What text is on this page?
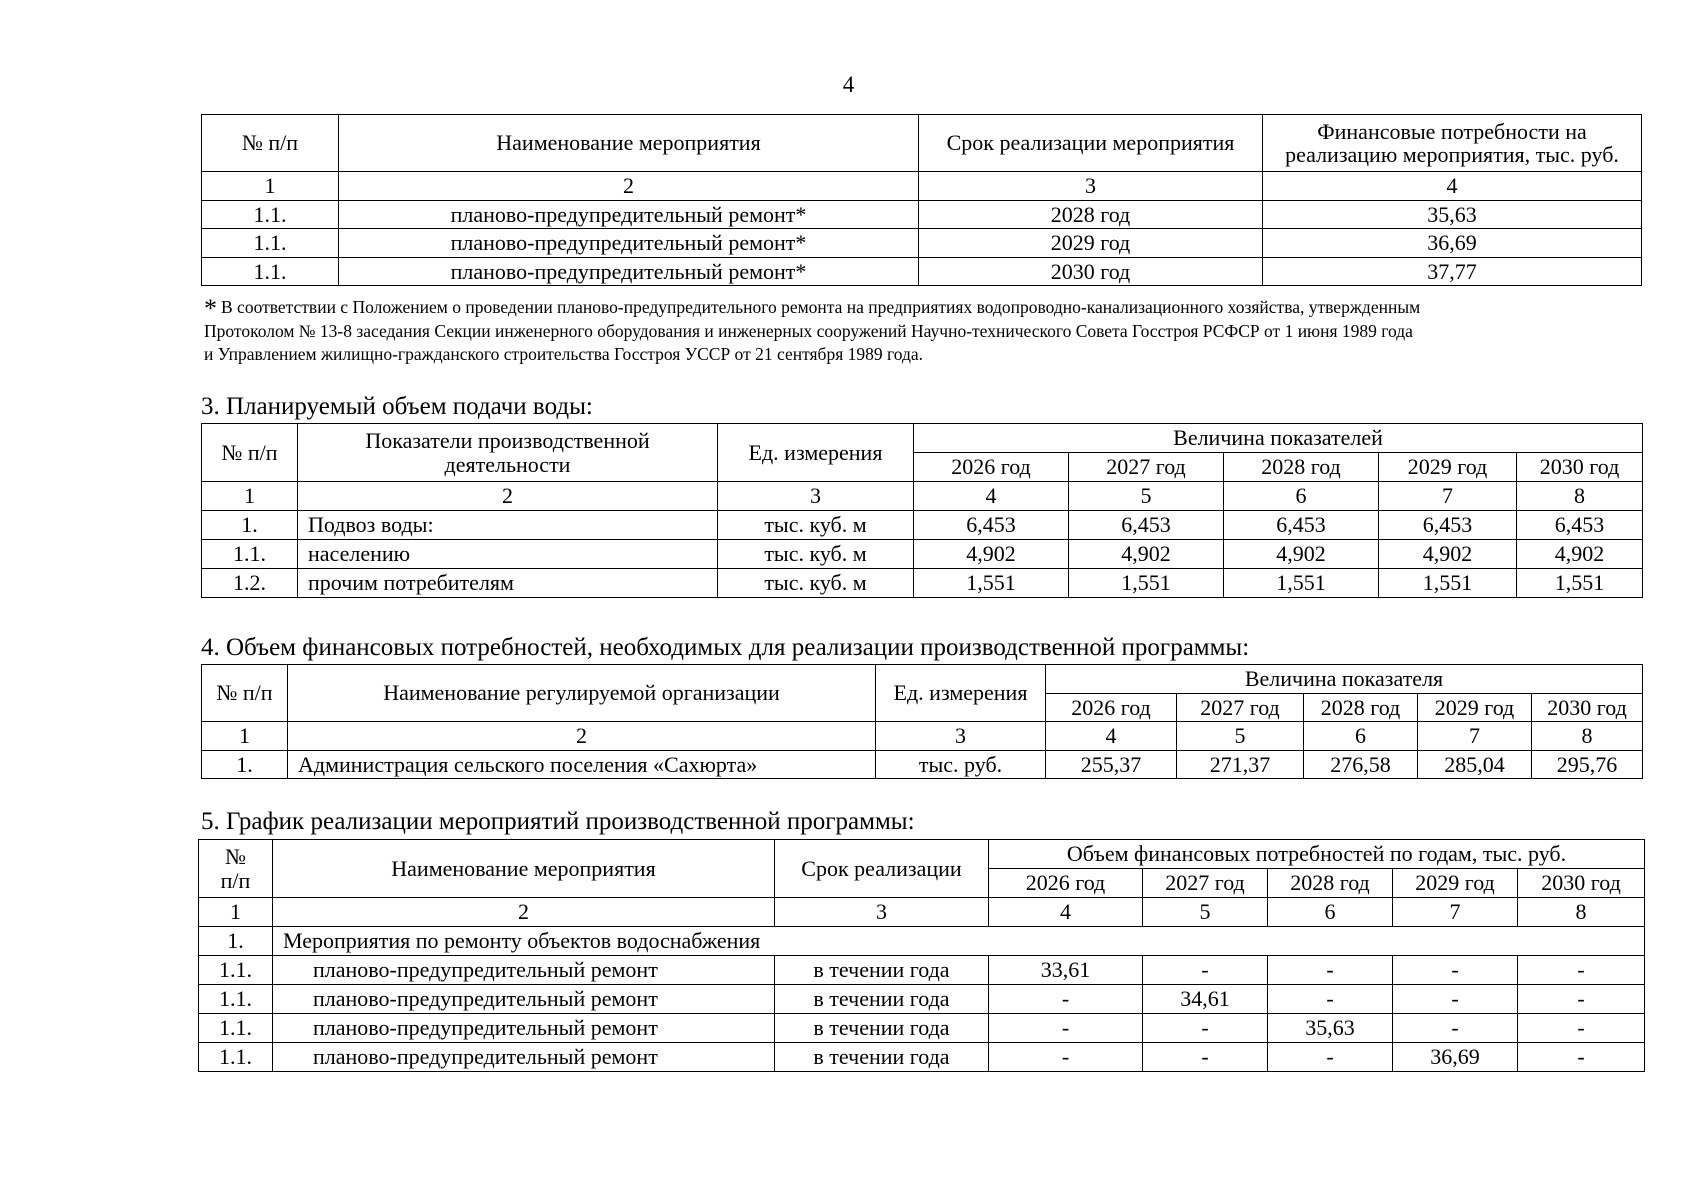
4
№ п/п	Наименование мероприятия	Срок реализации мероприятия	Финансовые потребности на реализацию мероприятия, тыс. руб.
1	2	3	4
1.1.	планово-предупредительный ремонт*	2028 год	35,63
1.1.	планово-предупредительный ремонт*	2029 год	36,69
1.1.	планово-предупредительный ремонт*	2030 год	37,77
* В соответствии с Положением о проведении планово-предупредительного ремонта на предприятиях водопроводно-канализационного хозяйства, утвержденным
Протоколом № 13-8 заседания Секции инженерного оборудования и инженерных сооружений Научно-технического Совета Госстроя РСФСР от 1 июня 1989 года
и Управлением жилищно-гражданского строительства Госстроя УССР от 21 сентября 1989 года.
3. Планируемый объем подачи воды:
№ п/п	Показатели производственной деятельности	Ед. измерения	Величина показателей				
			2026 год	2027 год	2028 год	2029 год	2030 год
1	2	3	4	5	6	7	8
1.	Подвоз воды:	тыс. куб. м	6,453	6,453	6,453	6,453	6,453
1.1.	населению	тыс. куб. м	4,902	4,902	4,902	4,902	4,902
1.2.	прочим потребителям	тыс. куб. м	1,551	1,551	1,551	1,551	1,551
4. Объем финансовых потребностей, необходимых для реализации производственной программы:
№ п/п	Наименование регулируемой организации	Ед. измерения	Величина показателя				
			2026 год	2027 год	2028 год	2029 год	2030 год
1	2	3	4	5	6	7	8
1.	Администрация сельского поселения «Сахюрта»	тыс. руб.	255,37	271,37	276,58	285,04	295,76
5. График реализации мероприятий производственной программы:
№
п/п	Наименование мероприятия	Срок реализации	Объем финансовых потребностей по годам, тыс. руб.				
			2026 год	2027 год	2028 год	2029 год	2030 год
1	2	3	4	5	6	7	8
1.	Мероприятия по ремонту объектов водоснабжения						
1.1.	планово-предупредительный ремонт	в течении года	33,61	-	-	-	-
1.1.	планово-предупредительный ремонт	в течении года	-	34,61	-	-	-
1.1.	планово-предупредительный ремонт	в течении года	-	-	35,63	-	-
1.1.	планово-предупредительный ремонт	в течении года	-	-	-	36,69	-
